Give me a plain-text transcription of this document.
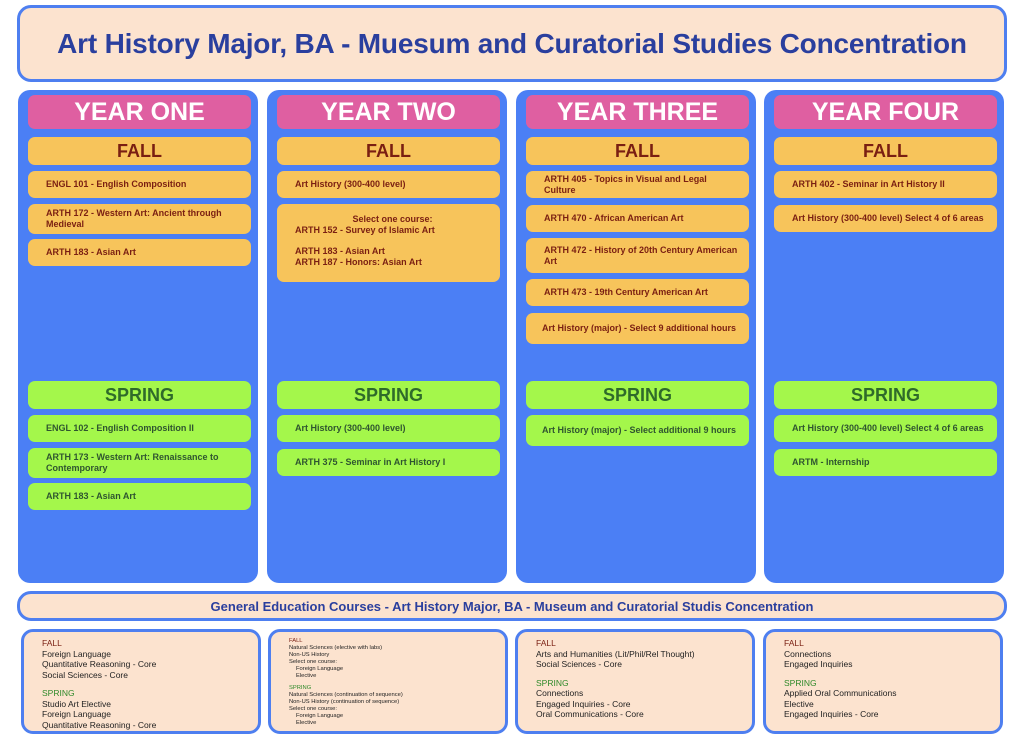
Art History Major, BA - Muesum and Curatorial Studies Concentration
YEAR ONE
FALL
ENGL 101 - English Composition
ARTH 172 - Western Art: Ancient through Medieval
ARTH 183 - Asian Art
SPRING
ENGL 102 - English Composition II
ARTH 173 - Western Art: Renaissance to Contemporary
ARTH 183 - Asian Art
YEAR TWO
FALL
Art History (300-400 level)
Select one course:
ARTH 152 - Survey of Islamic Art
ARTH 183 - Asian Art
ARTH 187 - Honors: Asian Art
SPRING
Art History (300-400 level)
ARTH 375 - Seminar in Art History I
YEAR THREE
FALL
ARTH 405 - Topics in Visual and Legal Culture
ARTH 470 - African American Art
ARTH 472 - History of 20th Century American Art
ARTH 473 - 19th Century American Art
Art History (major) - Select 9 additional hours
SPRING
Art History (major) - Select additional 9 hours
YEAR FOUR
FALL
ARTH 402 - Seminar in Art History II
Art History (300-400 level) Select 4 of 6 areas
SPRING
Art History (300-400 level) Select 4 of 6 areas
ARTM - Internship
General Education Courses - Art History Major, BA - Museum and Curatorial Studis Concentration
FALL
Foreign Language
Quantitative Reasoning - Core
Social Sciences - Core
SPRING
Studio Art Elective
Foreign Language
Quantitative Reasoning - Core
FALL
Natural Sciences (elective with labs)
Non-US History
Select one course:
Foreign Language
Elective
SPRING
Natural Sciences (continuation of sequence)
Non-US History (continuation of sequence)
Select one course:
Foreign Language
Elective
FALL
Arts and Humanities (Lit/Phil/Rel Thought)
Social Sciences - Core
SPRING
Connections
Engaged Inquiries - Core
Oral Communications - Core
FALL
Connections
Engaged Inquiries
SPRING
Applied Oral Communications
Elective
Engaged Inquiries - Core
